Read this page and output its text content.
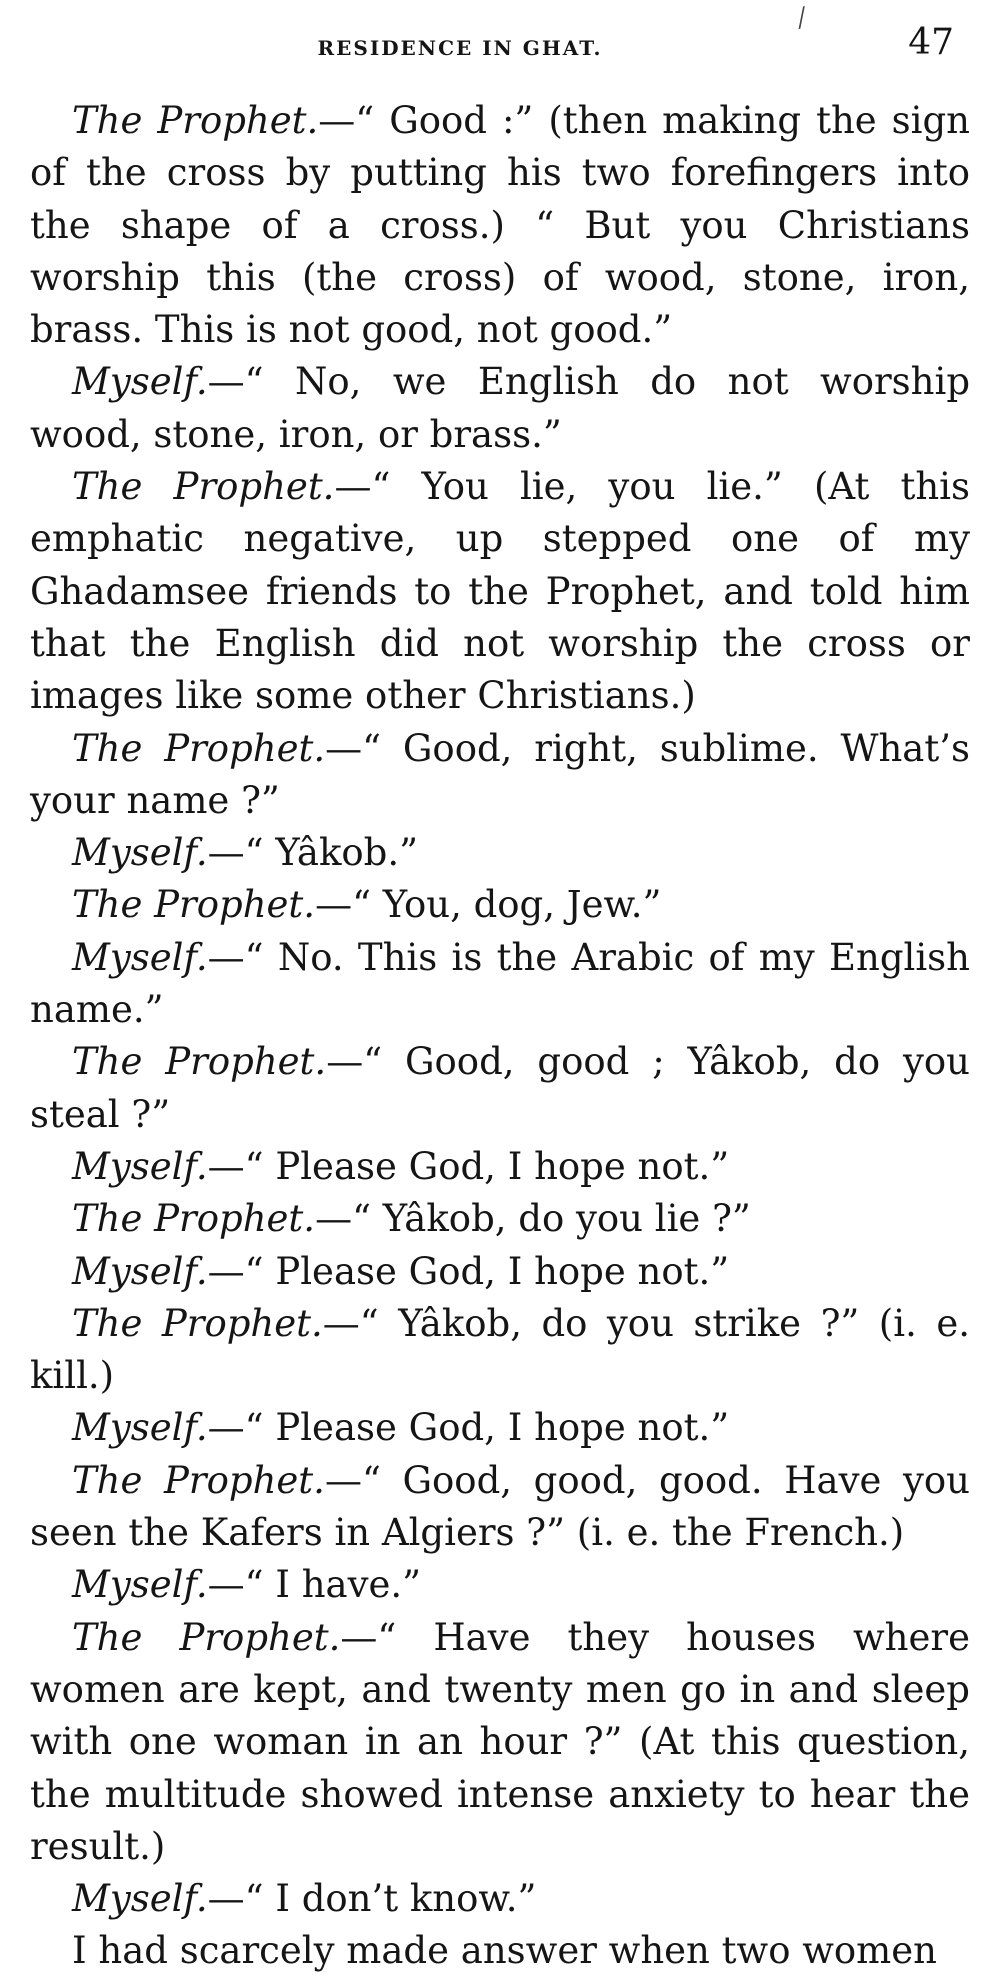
⁄
RESIDENCE IN GHAT.	47

The Prophet.—“ Good :” (then making the sign of the cross by putting his two forefingers into the shape of a cross.) “ But you Christians worship this (the cross) of wood, stone, iron, brass. This is not good, not good.”

Myself.—“ No, we English do not worship wood, stone, iron, or brass.”

The Prophet.—“ You lie, you lie.” (At this emphatic negative, up stepped one of my Ghadamsee friends to the Prophet, and told him that the English did not worship the cross or images like some other Christians.)

The Prophet.—“ Good, right, sublime. What’s your name ?”

Myself.—“ Yâkob.”

The Prophet.—“ You, dog, Jew.”

Myself.—“ No. This is the Arabic of my English name.”

The Prophet.—“ Good, good ; Yâkob, do you steal ?”

Myself.—“ Please God, I hope not.”

The Prophet.—“ Yâkob, do you lie ?”

Myself.—“ Please God, I hope not.”

The Prophet.—“ Yâkob, do you strike ?” (i. e. kill.)

Myself.—“ Please God, I hope not.”

The Prophet.—“ Good, good, good. Have you seen the Kafers in Algiers ?” (i. e. the French.)

Myself.—“ I have.”

The Prophet.—“ Have they houses where women are kept, and twenty men go in and sleep with one woman in an hour ?” (At this question, the multitude showed intense anxiety to hear the result.)

Myself.—“ I don’t know.”

I had scarcely made answer when two women
